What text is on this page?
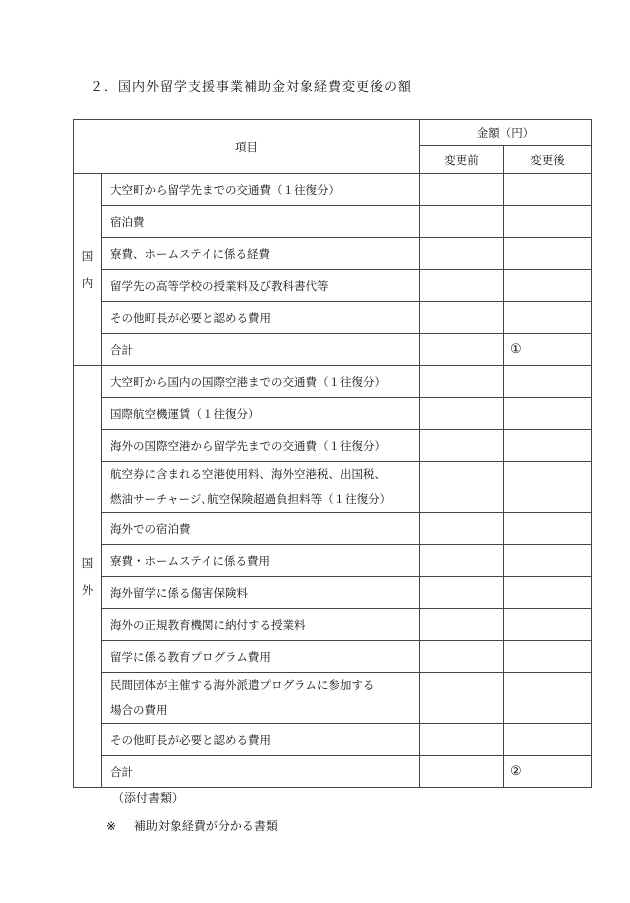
２．国内外留学支援事業補助金対象経費変更後の額
項目		金額（円）	
		変更前	変更後

国
内	大空町から留学先までの交通費（１往復分）		
	宿泊費		
	寮費、ホームステイに係る経費		
	留学先の高等学校の授業料及び教科書代等		
	その他町長が必要と認める費用		
	合計		①

国
外	大空町から国内の国際空港までの交通費（１往復分）		
	国際航空機運賃（１往復分）		
	海外の国際空港から留学先までの交通費（１往復分）		

	航空券に含まれる空港使用料、海外空港税、出国税、
燃油サーチャージ､航空保険超過負担料等（１往復分）		

	海外での宿泊費		
	寮費・ホームステイに係る費用		
	海外留学に係る傷害保険料		
	海外の正規教育機関に納付する授業料		
	留学に係る教育プログラム費用		

	民間団体が主催する海外派遣プログラムに参加する
場合の費用		

	その他町長が必要と認める費用		
	合計		②
（添付書類）
※ 補助対象経費が分かる書類
